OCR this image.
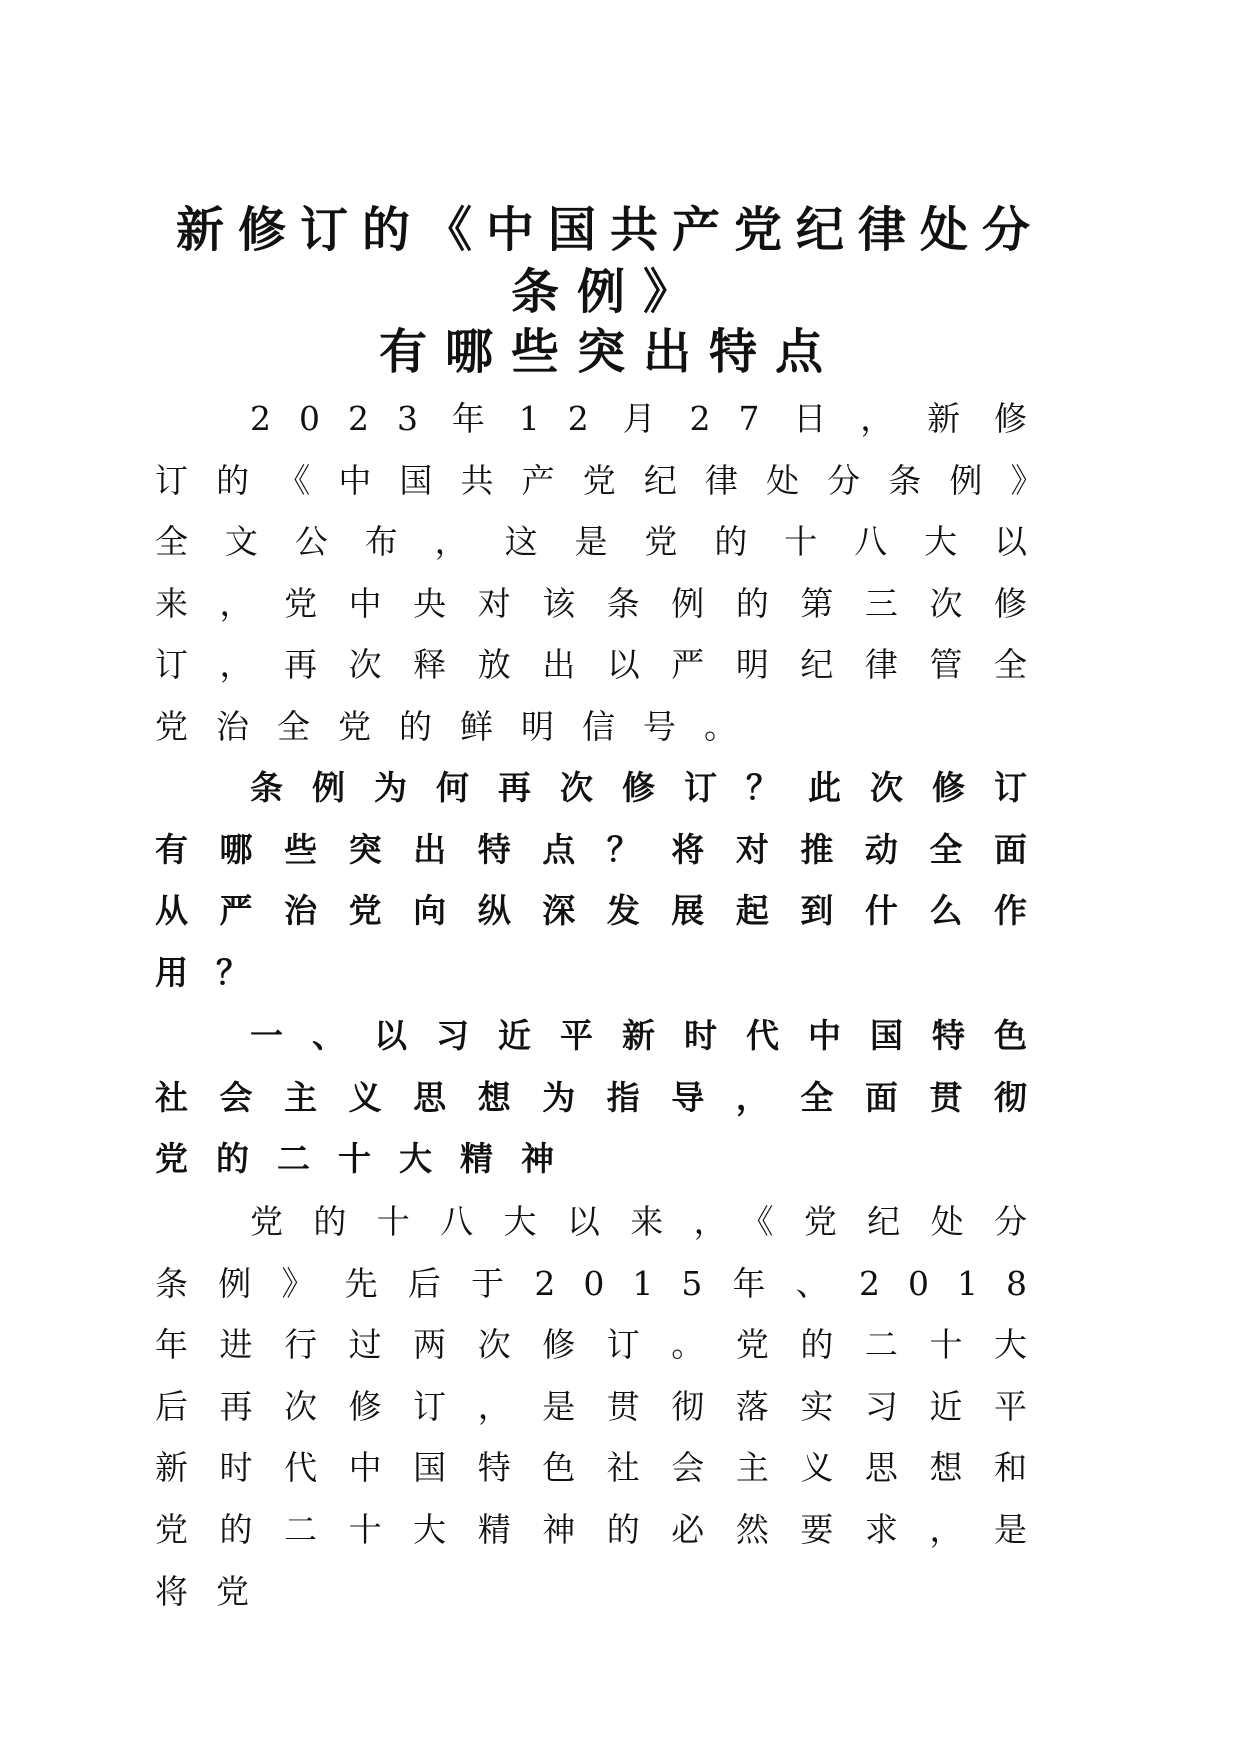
新修订的《中国共产党纪律处分
条例》
有哪些突出特点

2023年12月27日，新修订的《中国共产党纪律处分条例》全文公布，这是党的十八大以来，党中央对该条例的第三次修订，再次释放出以严明纪律管全党治全党的鲜明信号。

条例为何再次修订？此次修订有哪些突出特点？将对推动全面从严治党向纵深发展起到什么作用？

一、以习近平新时代中国特色社会主义思想为指导，全面贯彻党的二十大精神

党的十八大以来，《党纪处分条例》先后于2015年、2018年进行过两次修订。党的二十大后再次修订，是贯彻落实习近平新时代中国特色社会主义思想和党的二十大精神的必然要求，是将党
